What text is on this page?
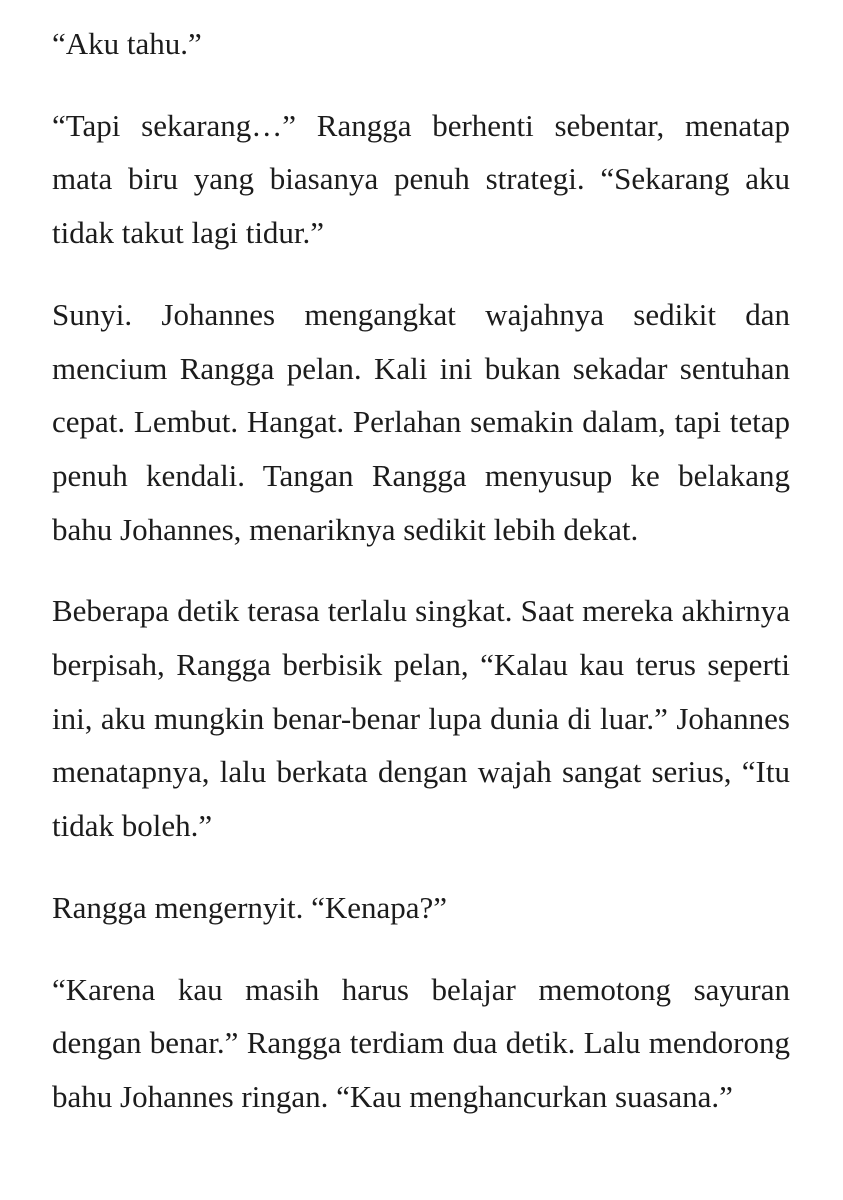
“Aku tahu.”

“Tapi sekarang…” Rangga berhenti sebentar, menatap mata biru yang biasanya penuh strategi. “Sekarang aku tidak takut lagi tidur.”

Sunyi. Johannes mengangkat wajahnya sedikit dan mencium Rangga pelan. Kali ini bukan sekadar sentuhan cepat. Lembut. Hangat. Perlahan semakin dalam, tapi tetap penuh kendali. Tangan Rangga menyusup ke belakang bahu Johannes, menariknya sedikit lebih dekat.

Beberapa detik terasa terlalu singkat. Saat mereka akhirnya berpisah, Rangga berbisik pelan, “Kalau kau terus seperti ini, aku mungkin benar-benar lupa dunia di luar.” Johannes menatapnya, lalu berkata dengan wajah sangat serius, “Itu tidak boleh.”

Rangga mengernyit. “Kenapa?”

“Karena kau masih harus belajar memotong sayuran dengan benar.” Rangga terdiam dua detik. Lalu mendorong bahu Johannes ringan. “Kau menghancurkan suasana.”
